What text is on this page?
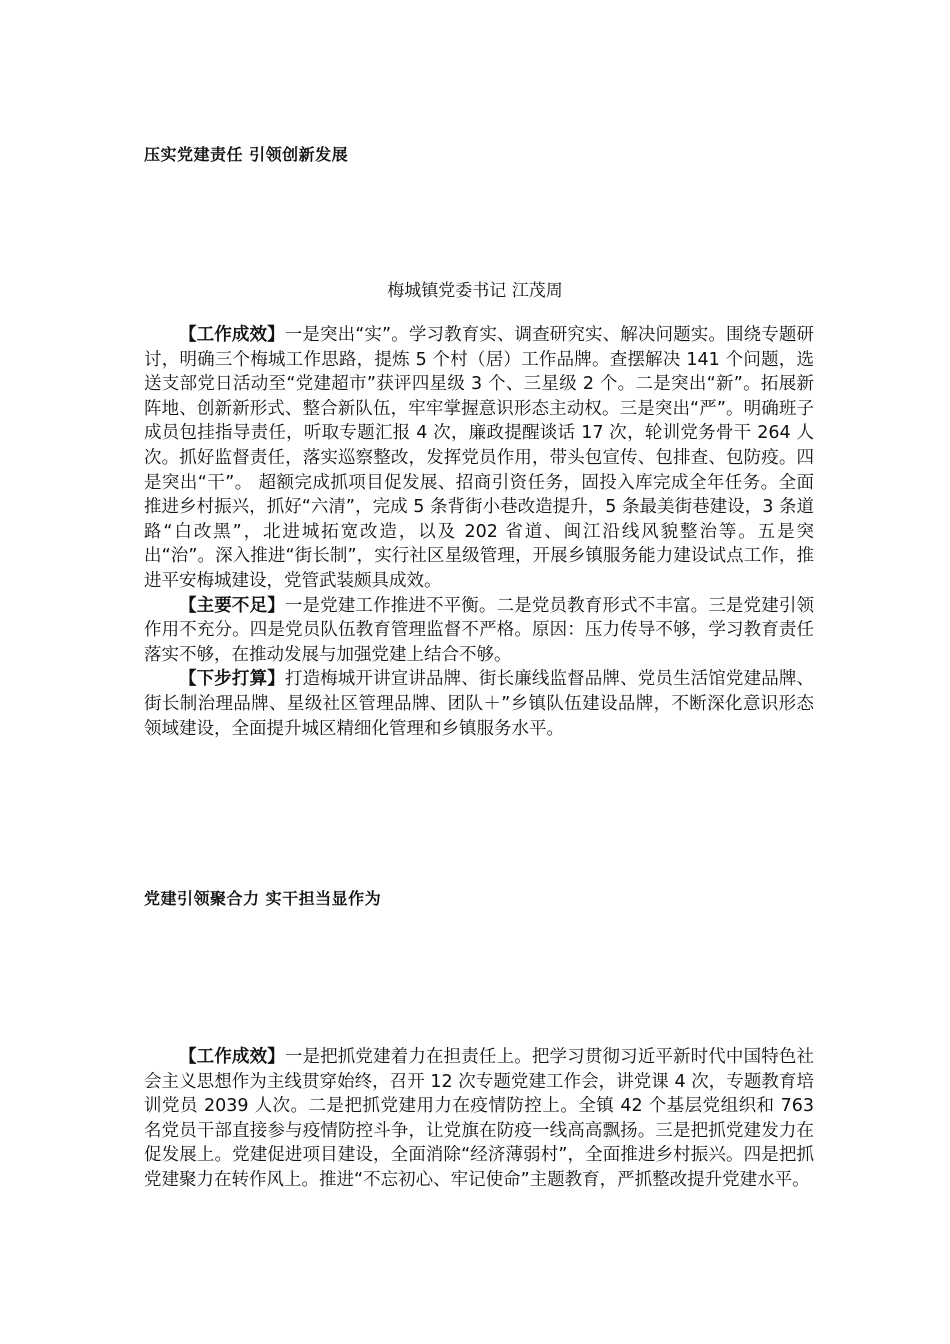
压实党建责任 引领创新发展
梅城镇党委书记 江茂周

【工作成效】一是突出“实”。学习教育实、调查研究实、解决问题实。围绕专题研讨，明确三个梅城工作思路，提炼 5 个村（居）工作品牌。查摆解决 141 个问题，选送支部党日活动至“党建超市”获评四星级 3 个、三星级 2 个。二是突出“新”。拓展新阵地、创新新形式、整合新队伍，牢牢掌握意识形态主动权。三是突出“严”。明确班子成员包挂指导责任，听取专题汇报 4 次，廉政提醒谈话 17 次，轮训党务骨干 264 人次。抓好监督责任，落实巡察整改，发挥党员作用，带头包宣传、包排查、包防疫。四是突出“干”。 超额完成抓项目促发展、招商引资任务，固投入库完成全年任务。全面推进乡村振兴，抓好“六清”，完成 5 条背街小巷改造提升，5 条最美街巷建设，3 条道路“白改黑”，北进城拓宽改造，以及 202 省道、闽江沿线风貌整治等。五是突出“治”。深入推进“街长制”，实行社区星级管理，开展乡镇服务能力建设试点工作，推进平安梅城建设，党管武装颇具成效。

【主要不足】一是党建工作推进不平衡。二是党员教育形式不丰富。三是党建引领作用不充分。四是党员队伍教育管理监督不严格。原因：压力传导不够，学习教育责任落实不够，在推动发展与加强党建上结合不够。

【下步打算】打造梅城开讲宣讲品牌、街长廉线监督品牌、党员生活馆党建品牌、街长制治理品牌、星级社区管理品牌、团队＋”乡镇队伍建设品牌，不断深化意识形态领域建设，全面提升城区精细化管理和乡镇服务水平。

党建引领聚合力 实干担当显作为

【工作成效】一是把抓党建着力在担责任上。把学习贯彻习近平新时代中国特色社会主义思想作为主线贯穿始终，召开 12 次专题党建工作会，讲党课 4 次，专题教育培训党员 2039 人次。二是把抓党建用力在疫情防控上。全镇 42 个基层党组织和 763 名党员干部直接参与疫情防控斗争，让党旗在防疫一线高高飘扬。三是把抓党建发力在促发展上。党建促进项目建设，全面消除“经济薄弱村”，全面推进乡村振兴。四是把抓党建聚力在转作风上。推进“不忘初心、牢记使命”主题教育，严抓整改提升党建水平。
